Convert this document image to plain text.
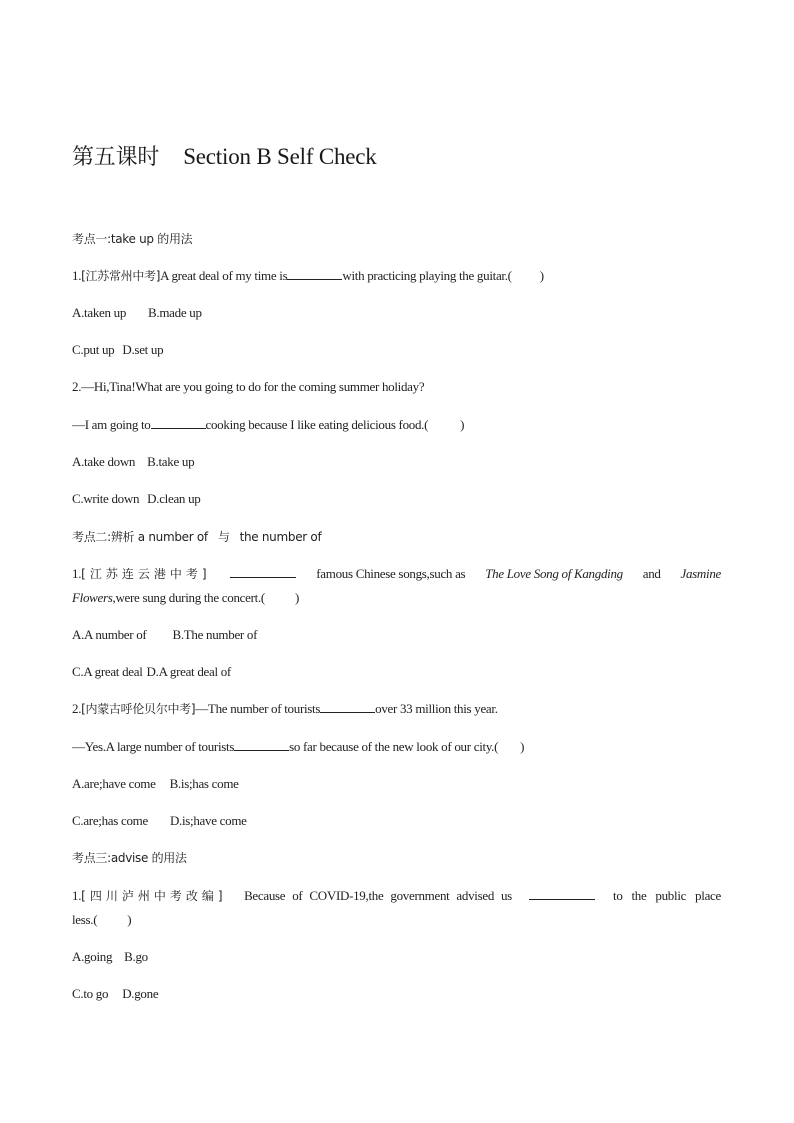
第五课时 Section B Self Check
考点一:take up 的用法
1.[江苏常州中考]A great deal of my time is	with practicing playing the guitar.( )
A.taken up B.made up
C.put up D.set up
2.—Hi,Tina!What are you going to do for the coming summer holiday?
—I am going to	cooking because I like eating delicious food.( )
A.take down B.take up
C.write down D.clean up
考点二:辨析 a number of 与 the number of
1.[江苏连云港中考]	famous Chinese songs,such as The Love Song of Kangding and Jasmine
Flowers,were sung during the concert.( )
A.A number of B.The number of
C.A great deal D.A great deal of
2.[内蒙古呼伦贝尔中考]—The number of tourists	over 33 million this year.
—Yes.A large number of tourists	so far because of the new look of our city.( )
A.are;have come B.is;has come
C.are;has come D.is;have come
考点三:advise 的用法
1.[四川泸州中考改编] Because of COVID‑19,the government advised us	to the public place
less.( )
A.going B.go
C.to go D.gone
